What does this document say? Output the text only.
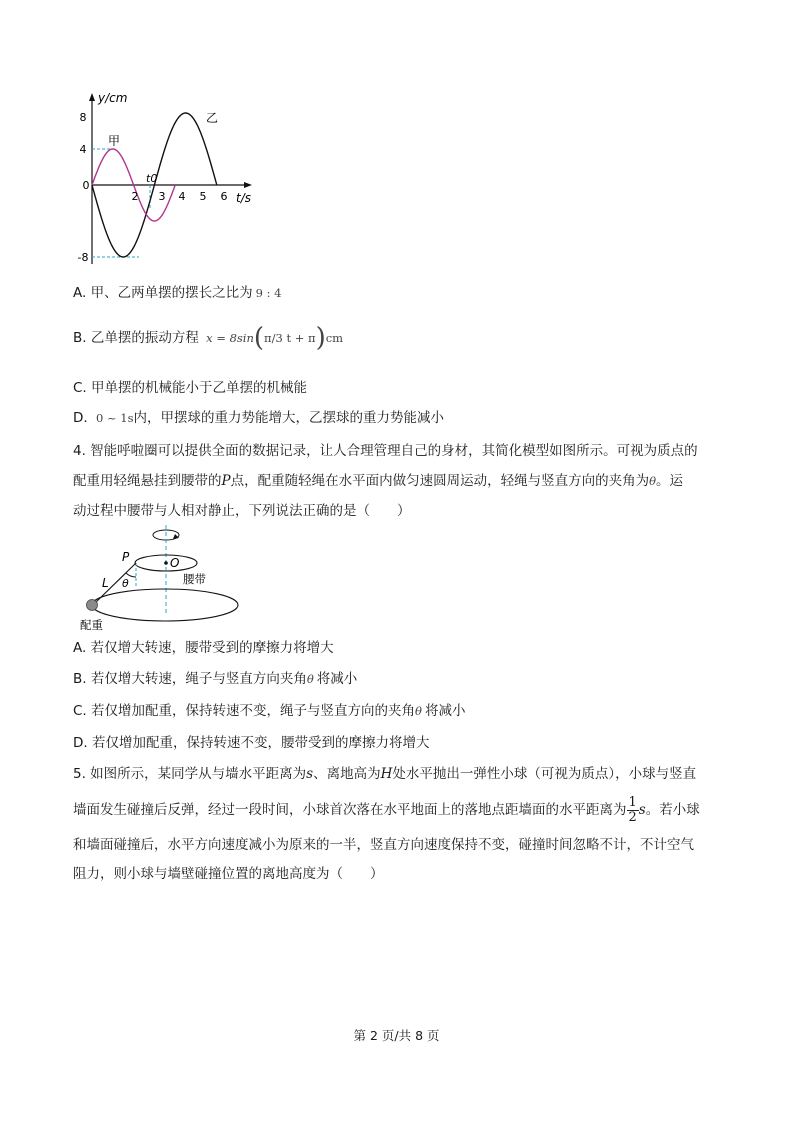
y/cm
8
4
0
-8
2 3 4 5 6 t/s
t0
甲
乙
A. 甲、乙两单摆的摆长之比为 9 : 4
B. 乙单摆的振动方程 x = 8sin(π/3 t + π)cm
C. 甲单摆的机械能小于乙单摆的机械能
D. 0 ~ 1s内，甲摆球的重力势能增大，乙摆球的重力势能减小
4. 智能呼啦圈可以提供全面的数据记录，让人合理管理自己的身材，其简化模型如图所示。可视为质点的
配重用轻绳悬挂到腰带的P点，配重随轻绳在水平面内做匀速圆周运动，轻绳与竖直方向的夹角为θ。运
动过程中腰带与人相对静止，下列说法正确的是（　　）
P	O
L θ	腰带
配重
A. 若仅增大转速，腰带受到的摩擦力将增大
B. 若仅增大转速，绳子与竖直方向夹角θ 将减小
C. 若仅增加配重，保持转速不变，绳子与竖直方向的夹角θ 将减小
D. 若仅增加配重，保持转速不变，腰带受到的摩擦力将增大
5. 如图所示，某同学从与墙水平距离为s、离地高为H处水平抛出一弹性小球（可视为质点），小球与竖直
墙面发生碰撞后反弹，经过一段时间，小球首次落在水平地面上的落地点距墙面的水平距离为 $\frac{1}{2}$ s。若小球
和墙面碰撞后，水平方向速度减小为原来的一半，竖直方向速度保持不变，碰撞时间忽略不计，不计空气
阻力，则小球与墙壁碰撞位置的离地高度为（　　）
第 2 页/共 8 页
